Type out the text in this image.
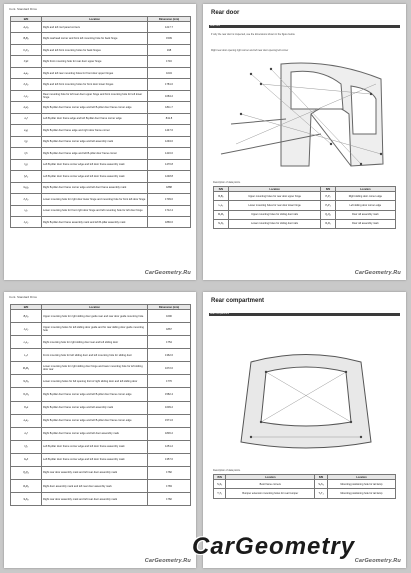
Cont. Standard Dims
B/N	Location	Dimension (mm)
A₁A₂	Right and left roof panel corners	1217.7
B₁B₂	Right rearhead corner and front left mounting hole for back hinge	1509
C₁C₂	Right and left front mounting holes for back hinges	198
C₁D	Right front mounting hole for rear door upper hinge	1716
a₁a₂	Right and left rear mounting holes for front door upper hinges	1034
b₁b₂	Right and left front mounting holes for front door lower hinges	1781.0
c₁c₂	Rear mounting hole for left rear door upper hinge and front mounting hole for left lower hinge	1084.2
d₁d₂	Right B-pillar door frame corner edge and left B-pillar door frame corner edge	1811.7
e₁f	Left B-pillar door frame edge and left B-pillar door frame corner edge	841.8
e₁g	Right B-pillar door frame edge and right door frame corner	1447.6
f₁g	Right B-pillar door frame corner edge and left assembly mark	1294.0
f₁h	Right B-pillar door frame edge and left B-pillar door frame corner	1416.0
f₂g	Left B-pillar door frame corner edge and left door frame assembly mark	1470.8
f₂h₂	Left B-pillar door frame corner edge and left door frame assembly mark	1248.8
G₁g₂	Right B-pillar door frame corner edge and left door frame assembly mark	1888
h₁h₂	Lower mounting hole for right door lower hinge and mounting hole for front left door hinge	1709.0
i₁i₂	Lower mounting hole for front right door hinge and left mounting hole for left door hinge	1712.4
J₁J₂	Right B-pillar door frame assembly mark and left B-pillar assembly mark	1866.6
CarGeometry.Ru
Rear door
Rear door
If only the rear door is inspected, use the dimensions shown in the figure below.
Right rear door opening right corner and left rear door opening left corner
Description of data points.
B/N	Location	B/N	Location
B₁B₂	Upper mounting holes for rear door upper hinge	P₁P₂	Right sliding door corner edge
L₁L₂	Lower mounting holes for rear door lower hinge	P₃P₄	Left sliding door corner edge
M₁M₂	Upper mounting holes for sliding door rails	Q₁Q₂	Door sill assembly mark
N₁N₂	Lower mounting holes for sliding door rails	R₁R₂	Door sill assembly mark
CarGeometry.Ru
Cont. Standard Dims
B/N	Location	Dimension (mm)
B₁b₂	Upper mounting hole for right sliding door guide rear and rear door guide mounting hole	1690
J₁J₂	Upper mounting holes for left sliding door guide and for rear sliding door guide mounting hole	1867
L₁L₂	Right mounting hole for right sliding door rear and left sliding door	1754
L₁J	Front mounting hole for left sliding door and left mounting hole for sliding door	1362.6
M₁M₂	Lower mounting hole for right sliding door hinge and lower mounting hole for left sliding door rear	1672.0
N₁N₂	Lower mounting holes for full opening limit of right sliding door and left sliding door	1776
O₁O₂	Right B-pillar door frame corner edge and left B-pillar door frame corner edge	1582.4
O₁e	Right B-pillar door frame corner edge and left assembly mark	1609.2
e₁e₂	Right B-pillar door frame corner edge and left B-pillar door frame corner edge	1571.6
e₁f	Right B-pillar door frame corner edge and left door assembly mark	1836.2
f₁f₂	Left B-pillar door frame corner edge and left door frame assembly mark	1251.2
G₁h	Left B-pillar door frame corner edge and left door frame assembly mark	1357.0
Q₁Q₂	Right rear door assembly mark and left rear door assembly mark	1782
R₁R₂	Right door assembly mark and left rear door assembly mark	1783
S₁S₂	Right rear door assembly mark and left rear door assembly mark	1782
CarGeometry.Ru
Rear compartment
Rear compartment
Description of data points.
B/N	Location	B/N	Location
S₁S₂	Boot frame corners	S₃S₄	Mounting positioning hole for tail lamp
T₁T₂	Bumper extension mounting holes for rear bumper	T₃T₄	Mounting positioning hole for tail lamp
CarGeometry.Ru
CarGeometry
